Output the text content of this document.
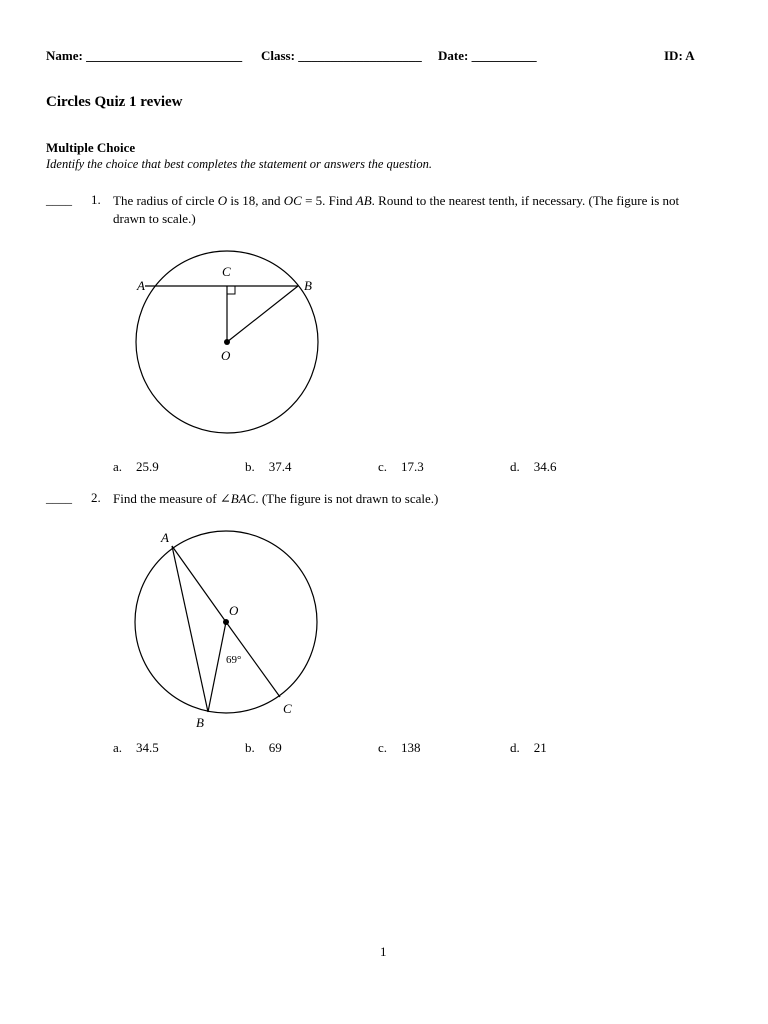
Name: ________________________ Class: ___________________ Date: __________	ID: A
Circles Quiz 1 review
Multiple Choice
Identify the choice that best completes the statement or answers the question.
____ 1. The radius of circle O is 18, and OC = 5. Find AB. Round to the nearest tenth, if necessary. (The figure is not
drawn to scale.)
A	B
C
O
a. 25.9	b. 37.4	c. 17.3	d. 34.6
____ 2. Find the measure of ∠BAC. (The figure is not drawn to scale.)
A
O
69°
B
C
a. 34.5	b. 69	c. 138	d. 21
1
